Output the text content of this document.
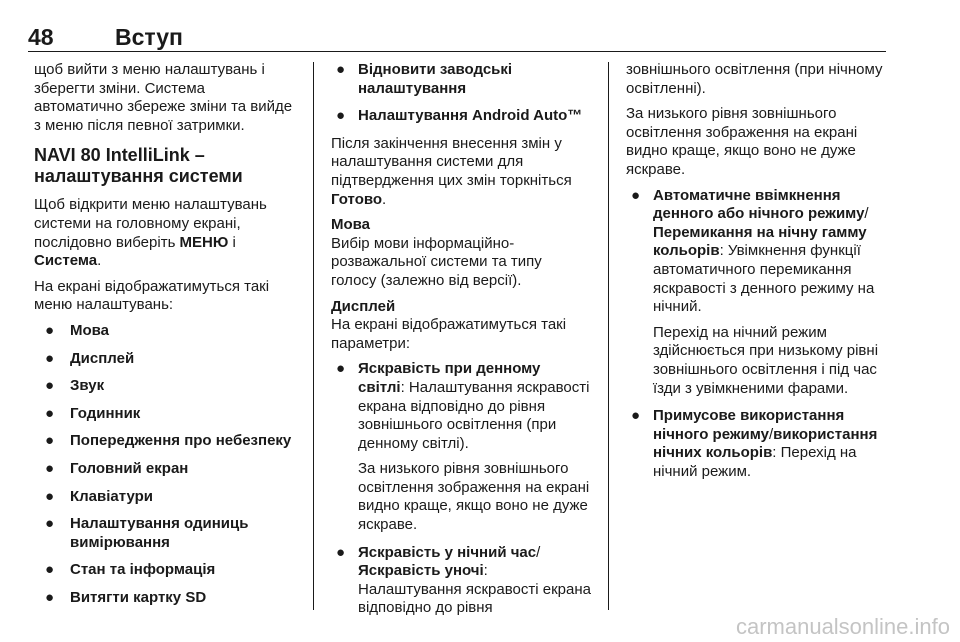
48	Вступ

щоб вийти з меню налаштувань і зберегти зміни. Система автоматично збереже зміни та вийде з меню після певної затримки.

NAVI 80 IntelliLink – налаштування системи

Щоб відкрити меню налаштувань системи на головному екрані, послідовно виберіть МЕНЮ і Система.

На екрані відображатимуться такі меню налаштувань:

● Мова
● Дисплей
● Звук
● Годинник
● Попередження про небезпеку
● Головний екран
● Клавіатури
● Налаштування одиниць вимірювання
● Стан та інформація
● Витягти картку SD
● Відновити заводські налаштування
● Налаштування Android Auto™

Після закінчення внесення змін у налаштування системи для підтвердження цих змін торкніться Готово.

Мова

Вибір мови інформаційно-розважальної системи та типу голосу (залежно від версії).

Дисплей

На екрані відображатимуться такі параметри:

● Яскравість при денному світлі: Налаштування яскравості екрана відповідно до рівня зовнішнього освітлення (при денному світлі).
За низького рівня зовнішнього освітлення зображення на екрані видно краще, якщо воно не дуже яскраве.
● Яскравість у нічний час/ Яскравість уночі: Налаштування яскравості екрана відповідно до рівня

зовнішнього освітлення (при нічному освітленні).

За низького рівня зовнішнього освітлення зображення на екрані видно краще, якщо воно не дуже яскраве.

● Автоматичне ввімкнення денного або нічного режиму/ Перемикання на нічну гамму кольорів: Увімкнення функції автоматичного перемикання яскравості з денного режиму на нічний.
Перехід на нічний режим здійснюється при низькому рівні зовнішнього освітлення і під час їзди з увімкненими фарами.
● Примусове використання нічного режиму/використання нічних кольорів: Перехід на нічний режим.
carmanualsonline.info
